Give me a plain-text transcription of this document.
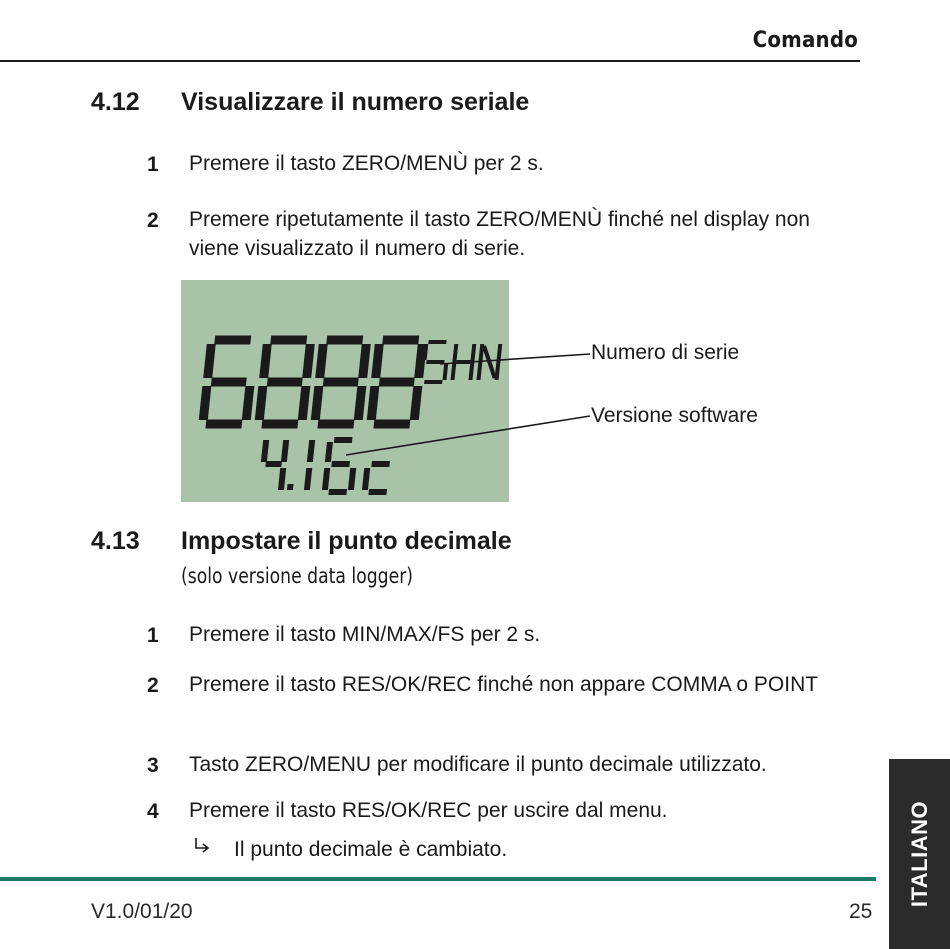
Comando
4.12 Visualizzare il numero seriale
1 Premere il tasto ZERO/MENÙ per 2 s.
2 Premere ripetutamente il tasto ZERO/MENÙ finché nel display non viene visualizzato il numero di serie.
Numero di serie
Versione software
4.13 Impostare il punto decimale
(solo versione data logger)
1 Premere il tasto MIN/MAX/FS per 2 s.
2 Premere il tasto RES/OK/REC finché non appare COMMA o POINT
3 Tasto ZERO/MENU per modificare il punto decimale utilizzato.
4 Premere il tasto RES/OK/REC per uscire dal menu.
Il punto decimale è cambiato.
V1.0/01/20	25
ITALIANO
